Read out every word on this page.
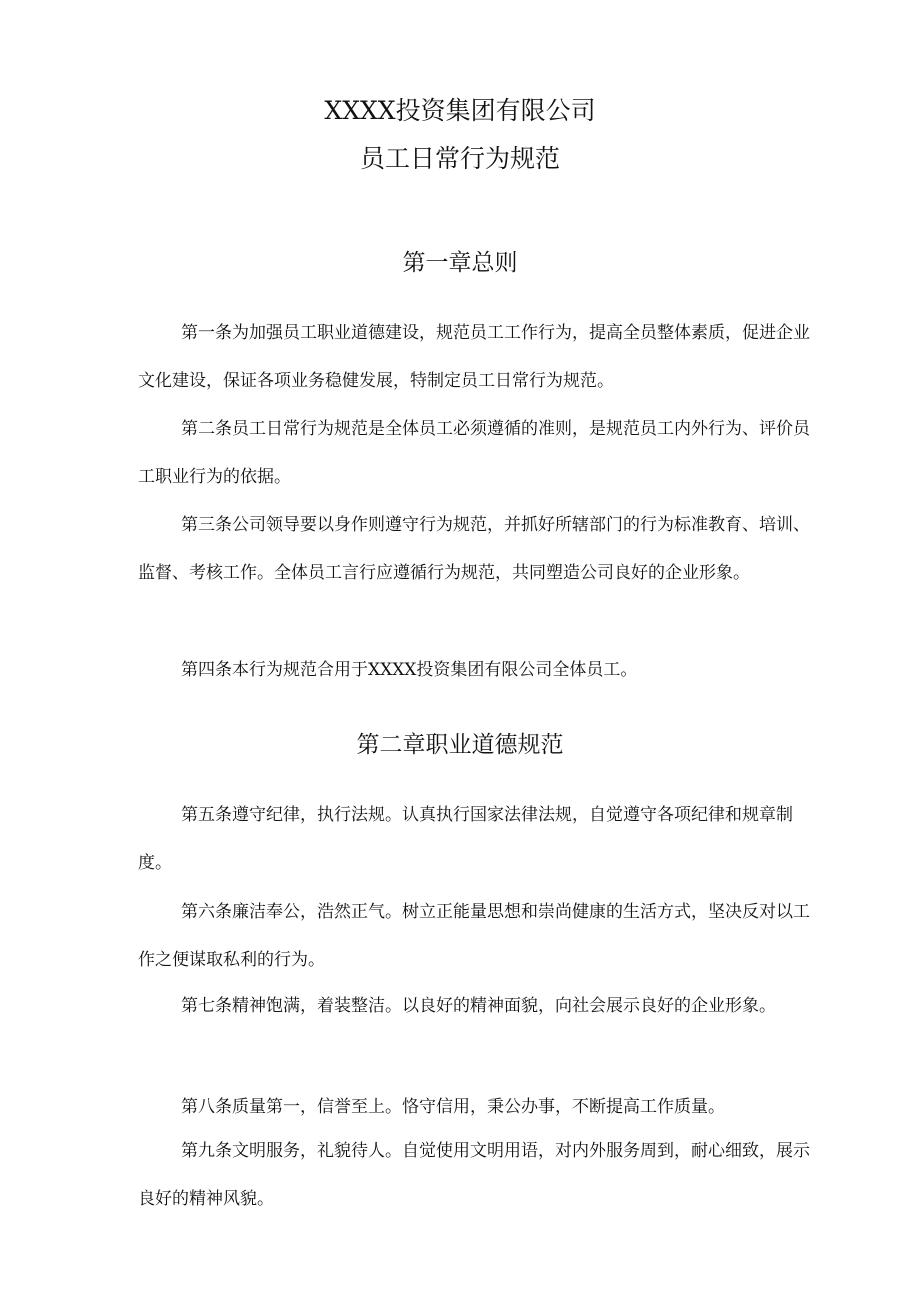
XXXX投资集团有限公司
员工日常行为规范
第一章总则

第一条为加强员工职业道德建设，规范员工工作行为，提高全员整体素质，促进企业文化建设，保证各项业务稳健发展，特制定员工日常行为规范。

第二条员工日常行为规范是全体员工必须遵循的准则，是规范员工内外行为、评价员工职业行为的依据。

第三条公司领导要以身作则遵守行为规范，并抓好所辖部门的行为标准教育、培训、监督、考核工作。全体员工言行应遵循行为规范，共同塑造公司良好的企业形象。

第四条本行为规范合用于XXXX投资集团有限公司全体员工。

第二章职业道德规范

第五条遵守纪律，执行法规。认真执行国家法律法规，自觉遵守各项纪律和规章制度。

第六条廉洁奉公，浩然正气。树立正能量思想和崇尚健康的生活方式，坚决反对以工作之便谋取私利的行为。

第七条精神饱满，着装整洁。以良好的精神面貌，向社会展示良好的企业形象。

第八条质量第一，信誉至上。恪守信用，秉公办事，不断提高工作质量。

第九条文明服务，礼貌待人。自觉使用文明用语，对内外服务周到，耐心细致，展示良好的精神风貌。
